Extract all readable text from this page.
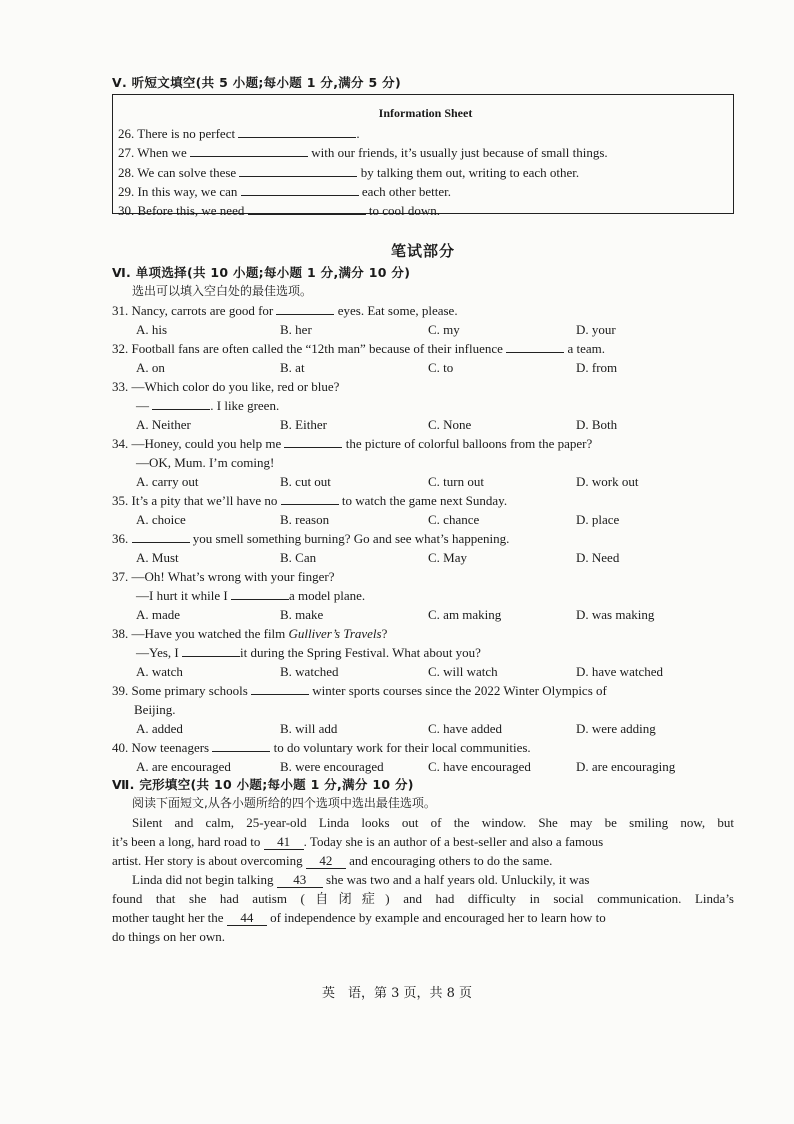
Ⅴ. 听短文填空(共 5 小题;每小题 1 分,满分 5 分)
Information Sheet
26. There is no perfect	.
27. When we	with our friends, it’s usually just because of small things.
28. We can solve these	by talking them out, writing to each other.
29. In this way, we can	each other better.
30. Before this, we need	to cool down.
笔试部分
Ⅵ. 单项选择(共 10 小题;每小题 1 分,满分 10 分)
选出可以填入空白处的最佳选项。
31. Nancy, carrots are good for	eyes. Eat some, please.
A. his	B. her	C. my	D. your
32. Football fans are often called the “12th man” because of their influence	a team.
A. on	B. at	C. to	D. from
33. —Which color do you like, red or blue?
—	. I like green.
A. Neither	B. Either	C. None	D. Both
34. —Honey, could you help me	the picture of colorful balloons from the paper?
—OK, Mum. I’m coming!
A. carry out	B. cut out	C. turn out	D. work out
35. It’s a pity that we’ll have no	to watch the game next Sunday.
A. choice	B. reason	C. chance	D. place
36.	you smell something burning? Go and see what’s happening.
A. Must	B. Can	C. May	D. Need
37. —Oh! What’s wrong with your finger?
—I hurt it while I	a model plane.
A. made	B. make	C. am making	D. was making
38. —Have you watched the film Gulliver’s Travels?
—Yes, I	it during the Spring Festival. What about you?
A. watch	B. watched	C. will watch	D. have watched
39. Some primary schools	winter sports courses since the 2022 Winter Olympics of
Beijing.
A. added	B. will add	C. have added	D. were adding
40. Now teenagers	to do voluntary work for their local communities.
A. are encouraged	B. were encouraged	C. have encouraged	D. are encouraging
Ⅶ. 完形填空(共 10 小题;每小题 1 分,满分 10 分)
阅读下面短文,从各小题所给的四个选项中选出最佳选项。
Silent and calm, 25-year-old Linda looks out of the window. She may be smiling now, but
it’s been a long, hard road to 41 . Today she is an author of a best-seller and also a famous
artist. Her story is about overcoming 42 and encouraging others to do the same.
Linda did not begin talking 43 she was two and a half years old. Unluckily, it was
found that she had autism (自闭症) and had difficulty in social communication. Linda’s
mother taught her the 44 of independence by example and encouraged her to learn how to
do things on her own.
英　语，第 3 页，共 8 页
